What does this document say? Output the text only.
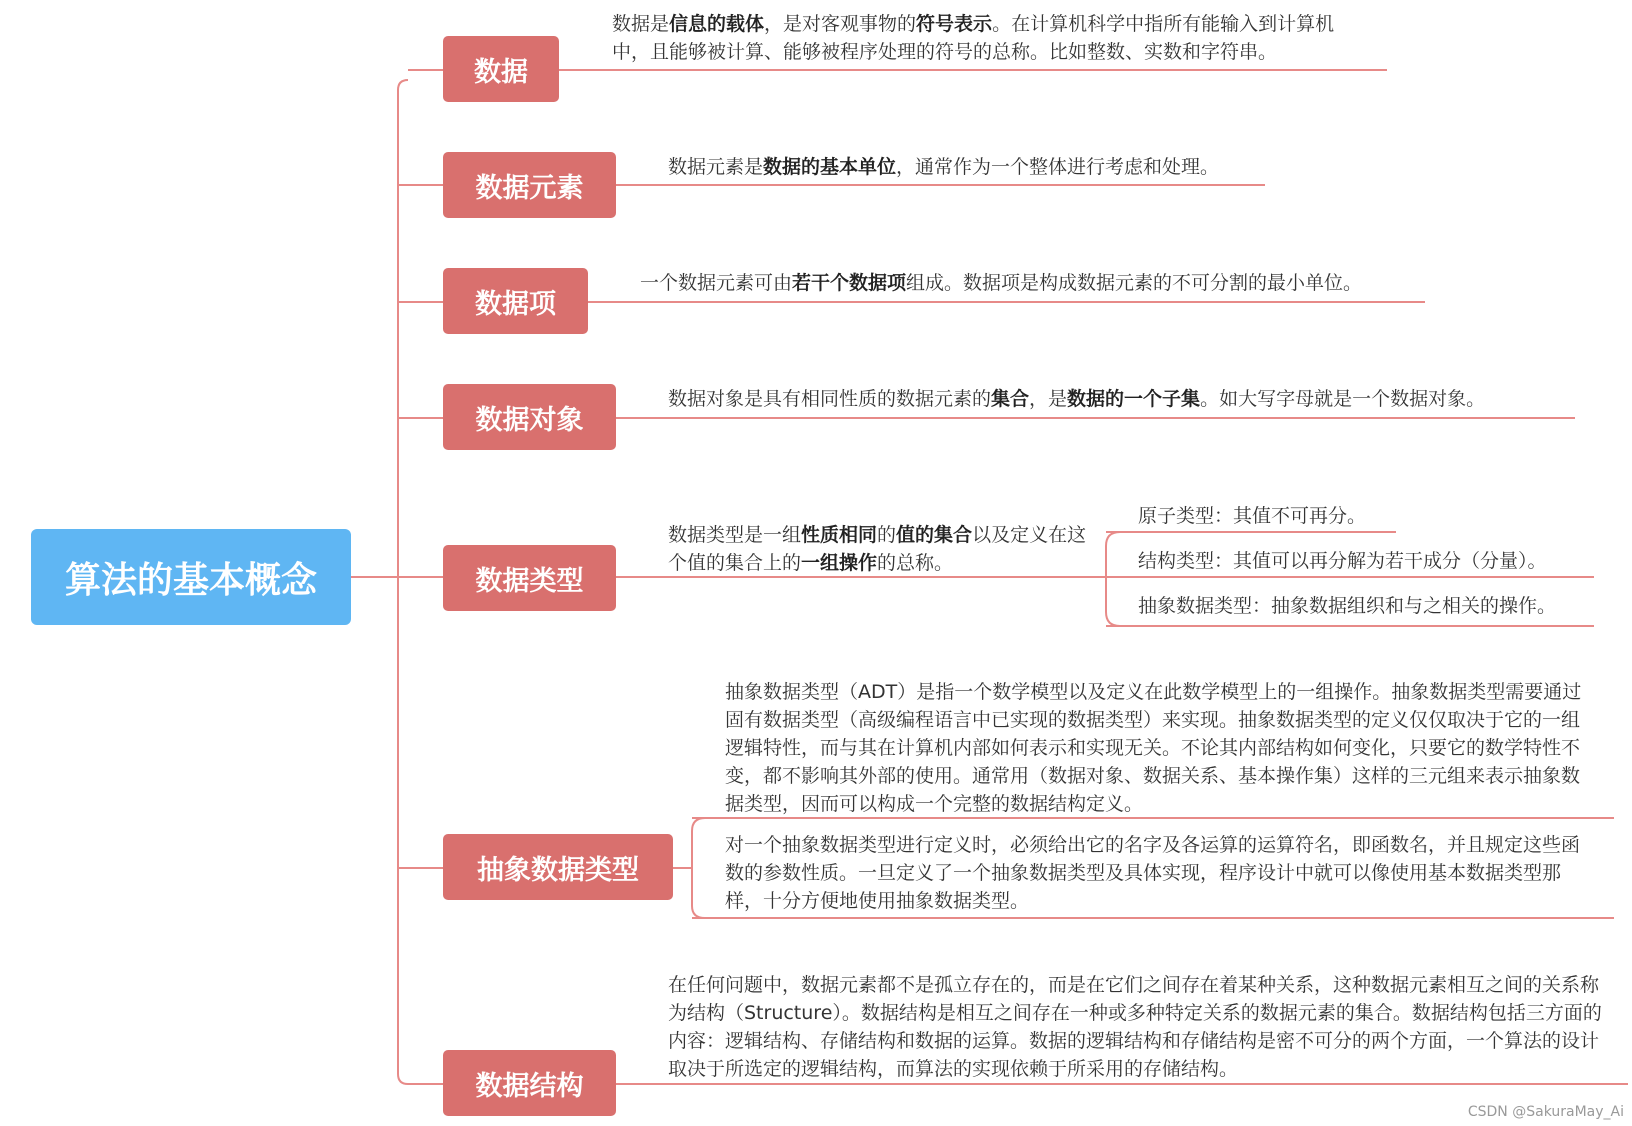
算法的基本概念
数据
数据元素
数据项
数据对象
数据类型
抽象数据类型
数据结构
数据是信息的载体，是对客观事物的符号表示。在计算机科学中指所有能输入到计算机中，且能够被计算、能够被程序处理的符号的总称。比如整数、实数和字符串。
数据元素是数据的基本单位，通常作为一个整体进行考虑和处理。
一个数据元素可由若干个数据项组成。数据项是构成数据元素的不可分割的最小单位。
数据对象是具有相同性质的数据元素的集合，是数据的一个子集。如大写字母就是一个数据对象。
数据类型是一组性质相同的值的集合以及定义在这个值的集合上的一组操作的总称。
原子类型：其值不可再分。
结构类型：其值可以再分解为若干成分（分量）。
抽象数据类型：抽象数据组织和与之相关的操作。
抽象数据类型（ADT）是指一个数学模型以及定义在此数学模型上的一组操作。抽象数据类型需要通过固有数据类型（高级编程语言中已实现的数据类型）来实现。抽象数据类型的定义仅仅取决于它的一组逻辑特性，而与其在计算机内部如何表示和实现无关。不论其内部结构如何变化，只要它的数学特性不变，都不影响其外部的使用。通常用（数据对象、数据关系、基本操作集）这样的三元组来表示抽象数据类型，因而可以构成一个完整的数据结构定义。
对一个抽象数据类型进行定义时，必须给出它的名字及各运算的运算符名，即函数名，并且规定这些函数的参数性质。一旦定义了一个抽象数据类型及具体实现，程序设计中就可以像使用基本数据类型那样，十分方便地使用抽象数据类型。
在任何问题中，数据元素都不是孤立存在的，而是在它们之间存在着某种关系，这种数据元素相互之间的关系称为结构（Structure）。数据结构是相互之间存在一种或多种特定关系的数据元素的集合。数据结构包括三方面的内容：逻辑结构、存储结构和数据的运算。数据的逻辑结构和存储结构是密不可分的两个方面，一个算法的设计取决于所选定的逻辑结构，而算法的实现依赖于所采用的存储结构。
CSDN @SakuraMay_Ai
